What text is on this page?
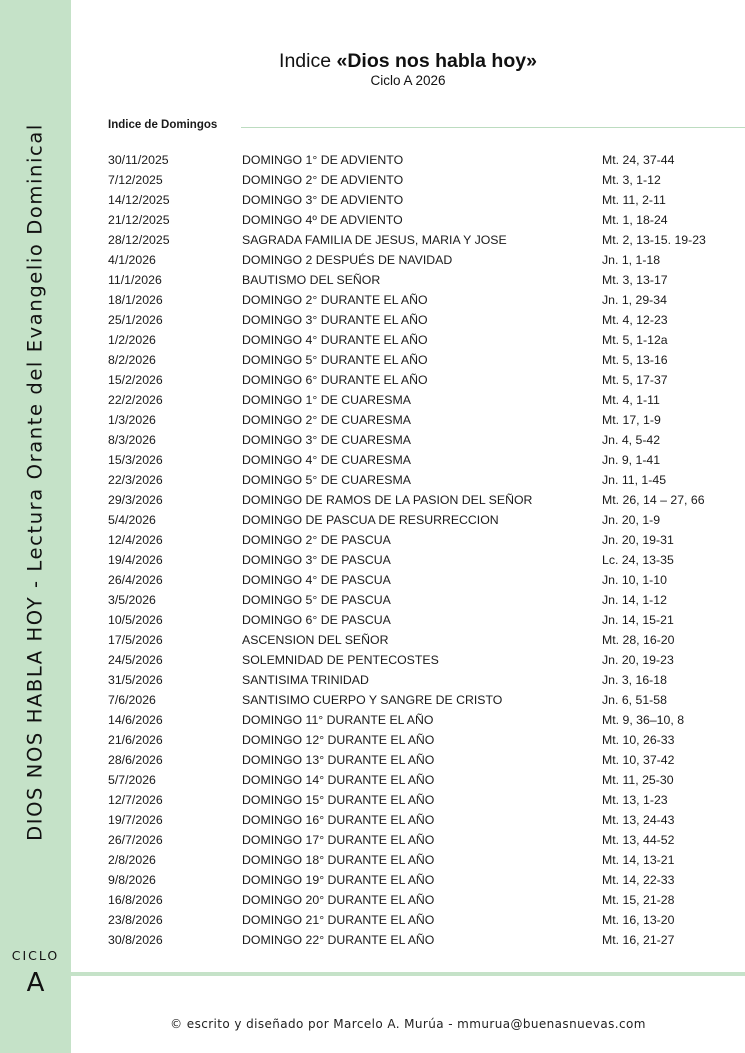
DIOS NOS HABLA HOY - Lectura Orante del Evangelio Dominical
CICLO
A
Indice «Dios nos habla hoy»
Ciclo A 2026
Indice de Domingos
30/11/2025	DOMINGO 1° DE ADVIENTO	Mt. 24, 37-44
7/12/2025	DOMINGO 2° DE ADVIENTO	Mt. 3, 1-12
14/12/2025	DOMINGO 3° DE ADVIENTO	Mt. 11, 2-11
21/12/2025	DOMINGO 4º DE ADVIENTO	Mt. 1, 18-24
28/12/2025	SAGRADA FAMILIA DE JESUS, MARIA Y JOSE	Mt. 2, 13-15. 19-23
4/1/2026	DOMINGO 2 DESPUÉS DE NAVIDAD	Jn. 1, 1-18
11/1/2026	BAUTISMO DEL SEÑOR	Mt. 3, 13-17
18/1/2026	DOMINGO 2° DURANTE EL AÑO	Jn. 1, 29-34
25/1/2026	DOMINGO 3° DURANTE EL AÑO	Mt. 4, 12-23
1/2/2026	DOMINGO 4° DURANTE EL AÑO	Mt. 5, 1-12a
8/2/2026	DOMINGO 5° DURANTE EL AÑO	Mt. 5, 13-16
15/2/2026	DOMINGO 6° DURANTE EL AÑO	Mt. 5, 17-37
22/2/2026	DOMINGO 1° DE CUARESMA	Mt. 4, 1-11
1/3/2026	DOMINGO 2° DE CUARESMA	Mt. 17, 1-9
8/3/2026	DOMINGO 3° DE CUARESMA	Jn. 4, 5-42
15/3/2026	DOMINGO 4° DE CUARESMA	Jn. 9, 1-41
22/3/2026	DOMINGO 5° DE CUARESMA	Jn. 11, 1-45
29/3/2026	DOMINGO DE RAMOS DE LA PASION DEL SEÑOR	Mt. 26, 14 – 27, 66
5/4/2026	DOMINGO DE PASCUA DE RESURRECCION	Jn. 20, 1-9
12/4/2026	DOMINGO 2° DE PASCUA	Jn. 20, 19-31
19/4/2026	DOMINGO 3° DE PASCUA	Lc. 24, 13-35
26/4/2026	DOMINGO 4° DE PASCUA	Jn. 10, 1-10
3/5/2026	DOMINGO 5° DE PASCUA	Jn. 14, 1-12
10/5/2026	DOMINGO 6° DE PASCUA	Jn. 14, 15-21
17/5/2026	ASCENSION DEL SEÑOR	Mt. 28, 16-20
24/5/2026	SOLEMNIDAD DE PENTECOSTES	Jn. 20, 19-23
31/5/2026	SANTISIMA TRINIDAD	Jn. 3, 16-18
7/6/2026	SANTISIMO CUERPO Y SANGRE DE CRISTO	Jn. 6, 51-58
14/6/2026	DOMINGO 11° DURANTE EL AÑO	Mt. 9, 36–10, 8
21/6/2026	DOMINGO 12° DURANTE EL AÑO	Mt. 10, 26-33
28/6/2026	DOMINGO 13° DURANTE EL AÑO	Mt. 10, 37-42
5/7/2026	DOMINGO 14° DURANTE EL AÑO	Mt. 11, 25-30
12/7/2026	DOMINGO 15° DURANTE EL AÑO	Mt. 13, 1-23
19/7/2026	DOMINGO 16° DURANTE EL AÑO	Mt. 13, 24-43
26/7/2026	DOMINGO 17° DURANTE EL AÑO	Mt. 13, 44-52
2/8/2026	DOMINGO 18° DURANTE EL AÑO	Mt. 14, 13-21
9/8/2026	DOMINGO 19° DURANTE EL AÑO	Mt. 14, 22-33
16/8/2026	DOMINGO 20° DURANTE EL AÑO	Mt. 15, 21-28
23/8/2026	DOMINGO 21° DURANTE EL AÑO	Mt. 16, 13-20
30/8/2026	DOMINGO 22° DURANTE EL AÑO	Mt. 16, 21-27
© escrito y diseñado por Marcelo A. Murúa - mmurua@buenasnuevas.com
